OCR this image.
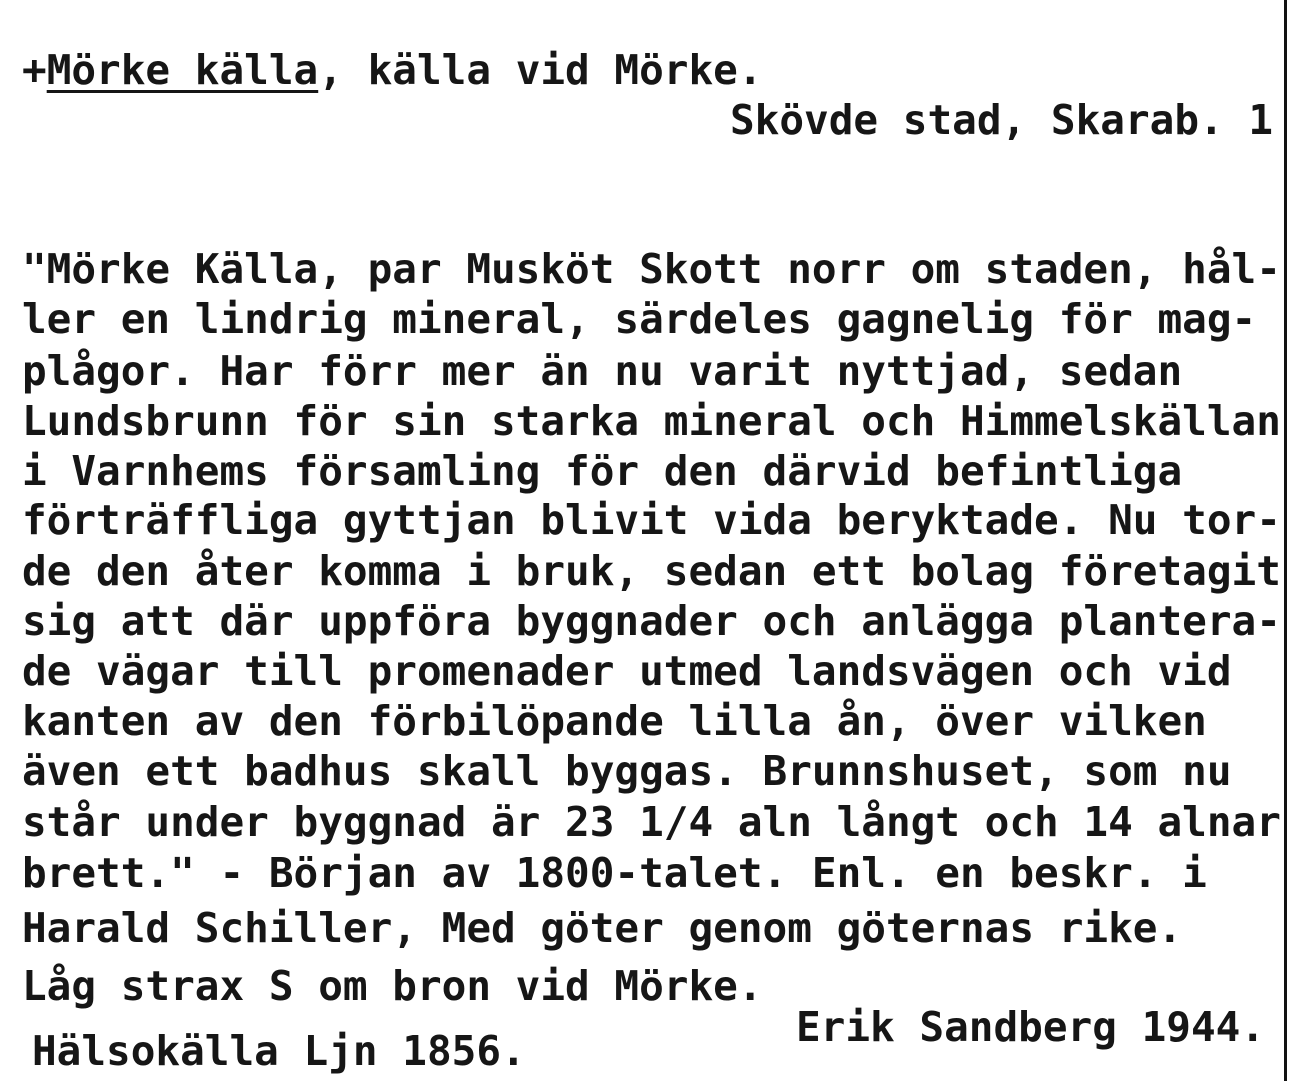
+Mörke källa, källa vid Mörke.
Skövde stad, Skarab. 1
"Mörke Källa, par Musköt Skott norr om staden, hål-
ler en lindrig mineral, särdeles gagnelig för mag-
plågor. Har förr mer än nu varit nyttjad, sedan
Lundsbrunn för sin starka mineral och Himmelskällan
i Varnhems församling för den därvid befintliga
förträffliga gyttjan blivit vida beryktade. Nu tor-
de den åter komma i bruk, sedan ett bolag företagit
sig att där uppföra byggnader och anlägga plantera-
de vägar till promenader utmed landsvägen och vid
kanten av den förbilöpande lilla ån, över vilken
även ett badhus skall byggas. Brunnshuset, som nu
står under byggnad är 23 1/4 aln långt och 14 alnar
brett." - Början av 1800-talet. Enl. en beskr. i
Harald Schiller, Med göter genom göternas rike.
Låg strax S om bron vid Mörke.
Hälsokälla Ljn 1856.	Erik Sandberg 1944.
